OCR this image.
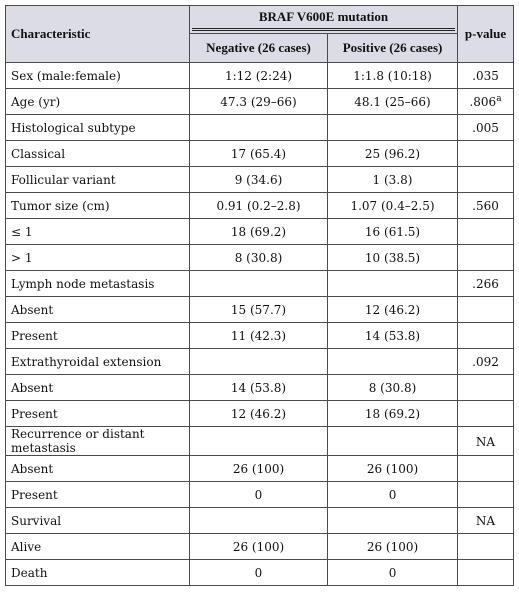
Characteristic	BRAF V600E mutation		p-value
	Negative (26 cases)	Positive (26 cases)	
Sex (male:female)	1:12 (2:24)	1:1.8 (10:18)	.035
Age (yr)	47.3 (29–66)	48.1 (25–66)	.806$^a$
Histological subtype			.005
Classical	17 (65.4)	25 (96.2)	
Follicular variant	9 (34.6)	1 (3.8)	
Tumor size (cm)	0.91 (0.2–2.8)	1.07 (0.4–2.5)	.560
≤ 1	18 (69.2)	16 (61.5)	
> 1	8 (30.8)	10 (38.5)	
Lymph node metastasis			.266
Absent	15 (57.7)	12 (46.2)	
Present	11 (42.3)	14 (53.8)	
Extrathyroidal extension			.092
Absent	14 (53.8)	8 (30.8)	
Present	12 (46.2)	18 (69.2)	
Recurrence or distant metastasis			NA
Absent	26 (100)	26 (100)	
Present	0	0	
Survival			NA
Alive	26 (100)	26 (100)	
Death	0	0	
